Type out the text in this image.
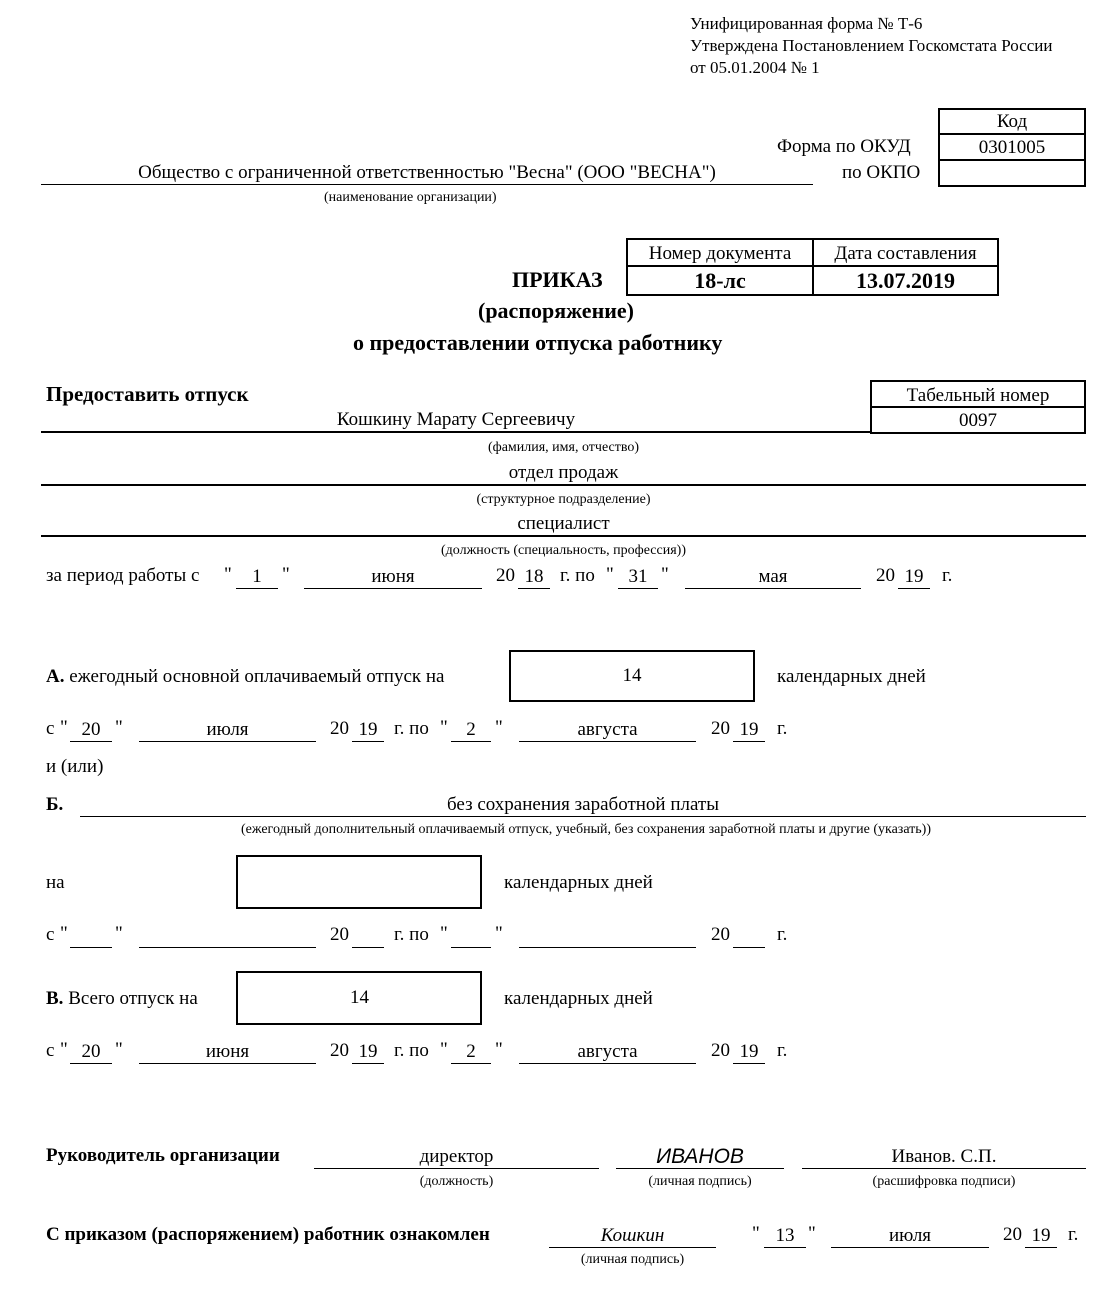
Унифицированная форма № Т-6
Утверждена Постановлением Госкомстата России
от 05.01.2004 № 1
Код
Форма по ОКУД	0301005
по ОКПО
Общество с ограниченной ответственностью "Весна" (ООО "ВЕСНА")
(наименование организации)
Номер документа	Дата составления
18-лс	13.07.2019
ПРИКАЗ
(распоряжение)
о предоставлении отпуска работнику
Предоставить отпуск	Табельный номер
0097
Кошкину Марату Сергеевичу
(фамилия, имя, отчество)
отдел продаж
(структурное подразделение)
специалист
(должность (специальность, профессия))
за период работы с "	1	"	июня	20 18 г. по " 31 "	мая	20 19 г.
А. ежегодный основной оплачиваемый отпуск на	14	календарных дней
с " 20 "	июля	20 19 г. по " 2	"	августа	20 19 г.
и (или)
Б.	без сохранения заработной платы
(ежегодный дополнительный оплачиваемый отпуск, учебный, без сохранения заработной платы и другие (указать))
на	календарных дней
с " "	20 г. по " "	20 г.
В. Всего отпуск на	14	календарных дней
с " 20 "	июня	20 19 г. по " 2	"	августа	20 19 г.
Руководитель организации	директор
(должность)
ИВАНОВ
(личная подпись)
Иванов. С.П.
(расшифровка подписи)
С приказом (распоряжением) работник ознакомлен	Кошкин
(личная подпись)
" 13 "	июля	20 19 г.
